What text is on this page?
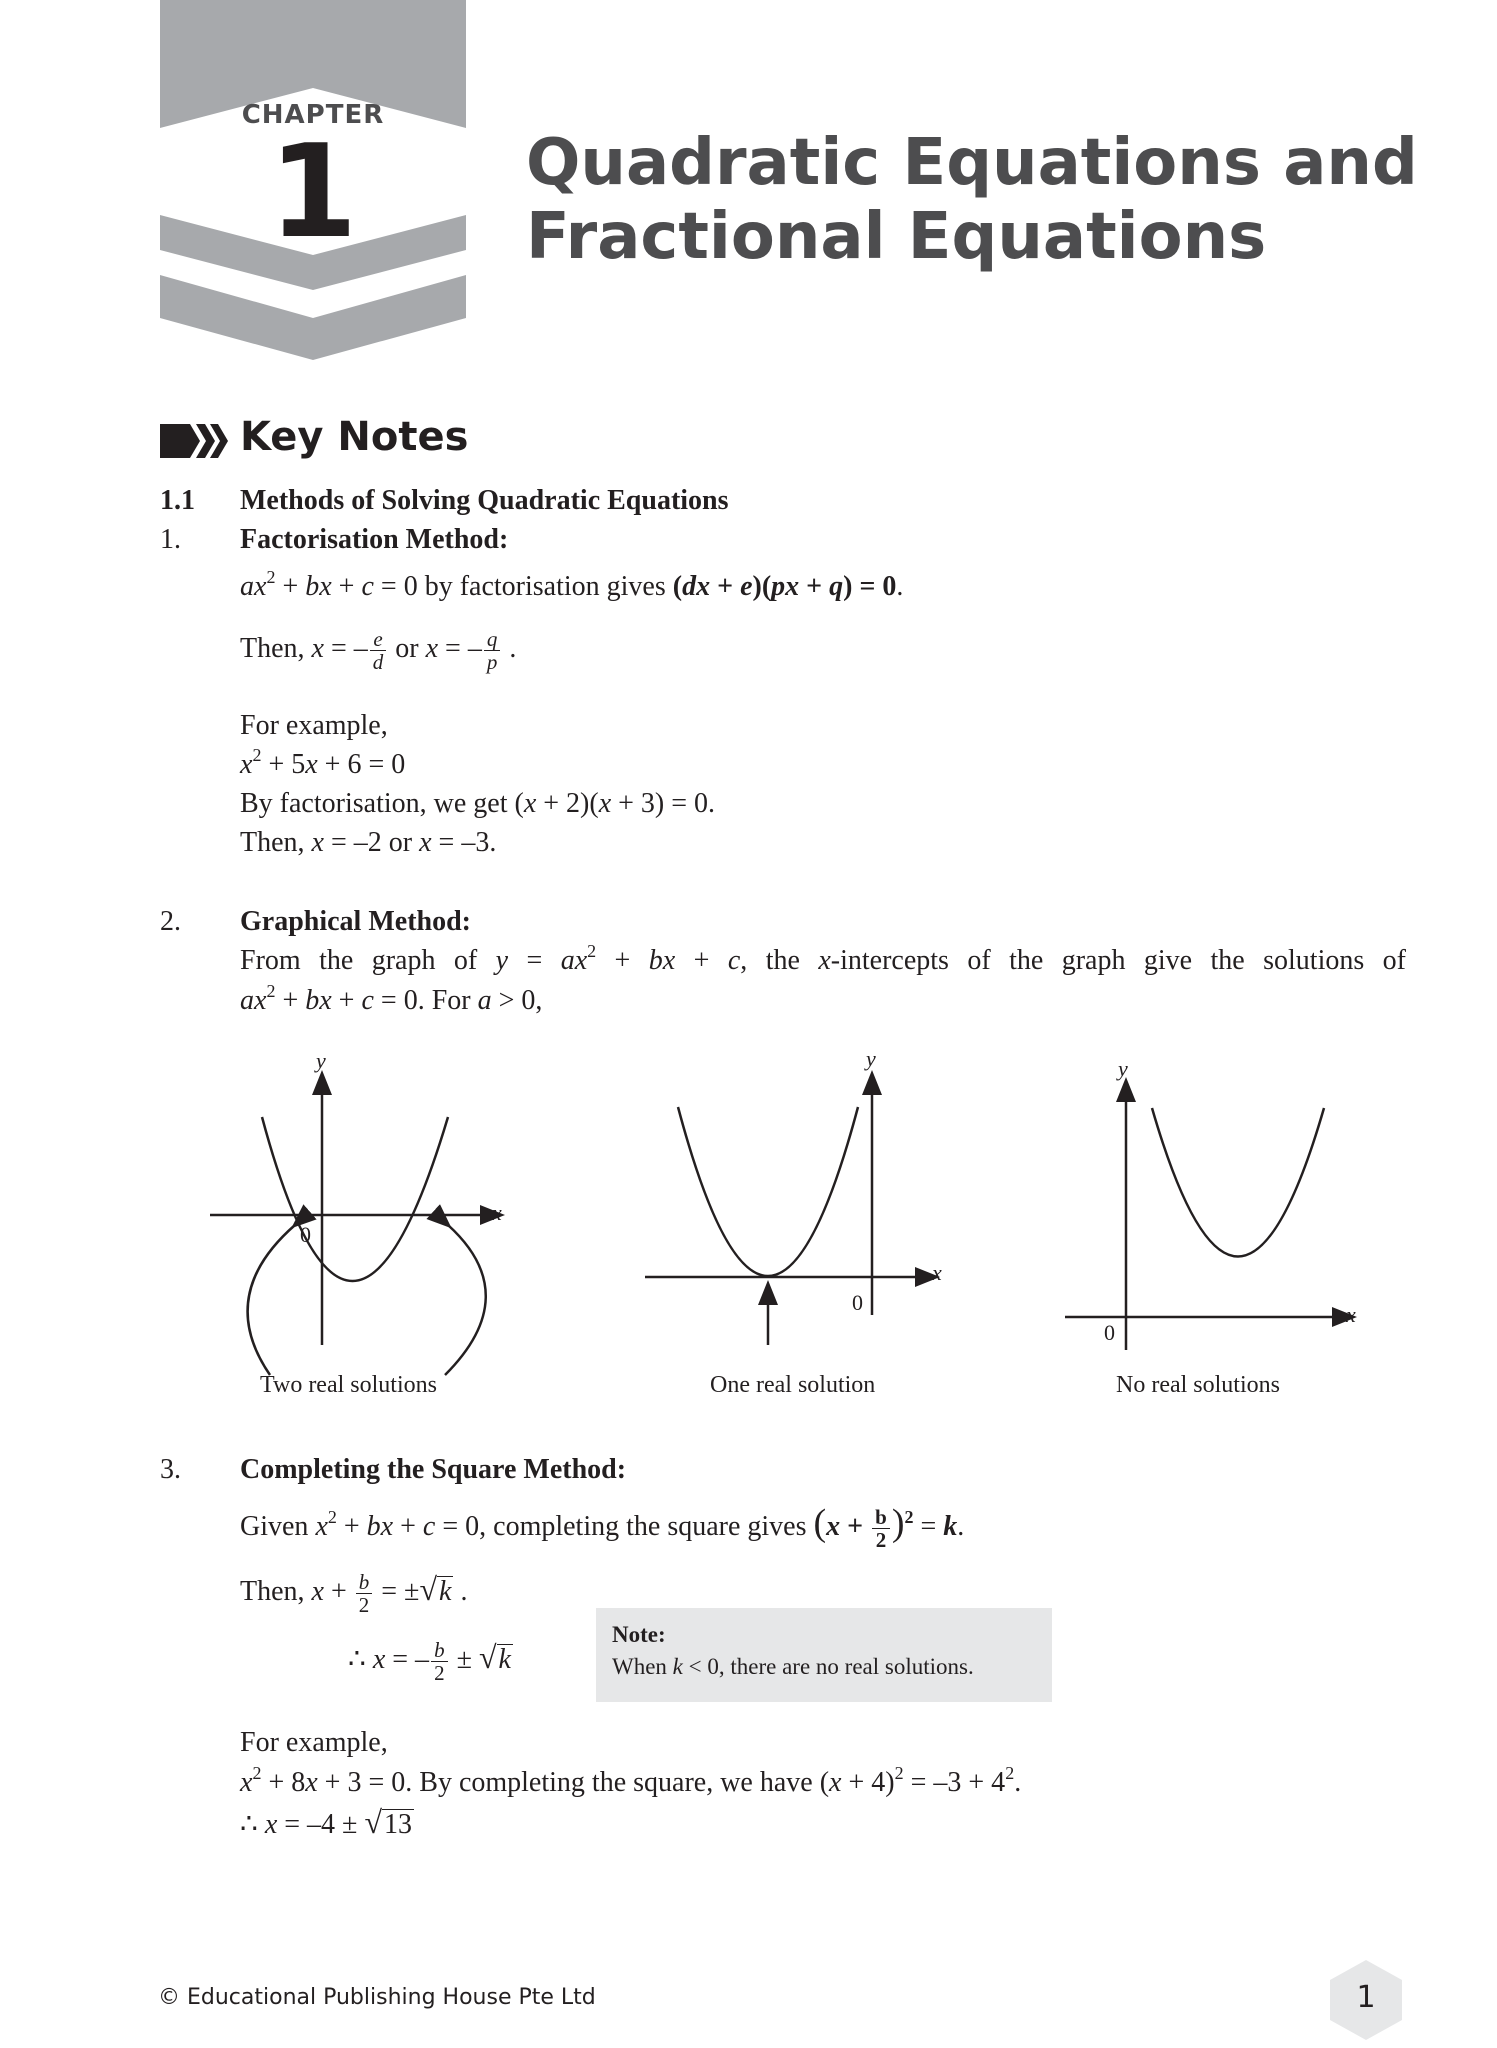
CHAPTER
1	Quadratic Equations and
Fractional Equations
Key Notes
1.1 Methods of Solving Quadratic Equations
1. Factorisation Method:
$ax^2$ + bx + c = 0 by factorisation gives (dx + e)(px + q) = 0.
Then, x = – $\frac{e}{d}$ or x = – $\frac{q}{p}$ .
For example,
$x^2 + 5x + 6 = 0$
By factorisation, we get (x + 2)(x + 3) = 0.
Then, x = –2 or x = –3.
2. Graphical Method:
From the graph of $y = ax^2$ + bx + c, the x-intercepts of the graph give the solutions of
$ax^2$ + bx + c = 0. For a > 0,
y
x
0
Two real solutions
y
x
0
One real solution
y
x
0
No real solutions
3. Completing the Square Method:
Given $x^2$ + bx + c = 0, completing the square gives $(x + \frac{b}{2} )^2 = k$.
Then, $x + \frac{b}{2} = \pm√k$ .
∴ x = – $\frac{b}{2} \pm √k$
Note:
When k < 0, there are no real solutions.
For example,
$x^2 + 8x + 3 = 0$. By completing the square, we have $(x + 4)^2 = -3 + 4^2$.
∴ x = –4 ± √13
© Educational Publishing House Pte Ltd	1
